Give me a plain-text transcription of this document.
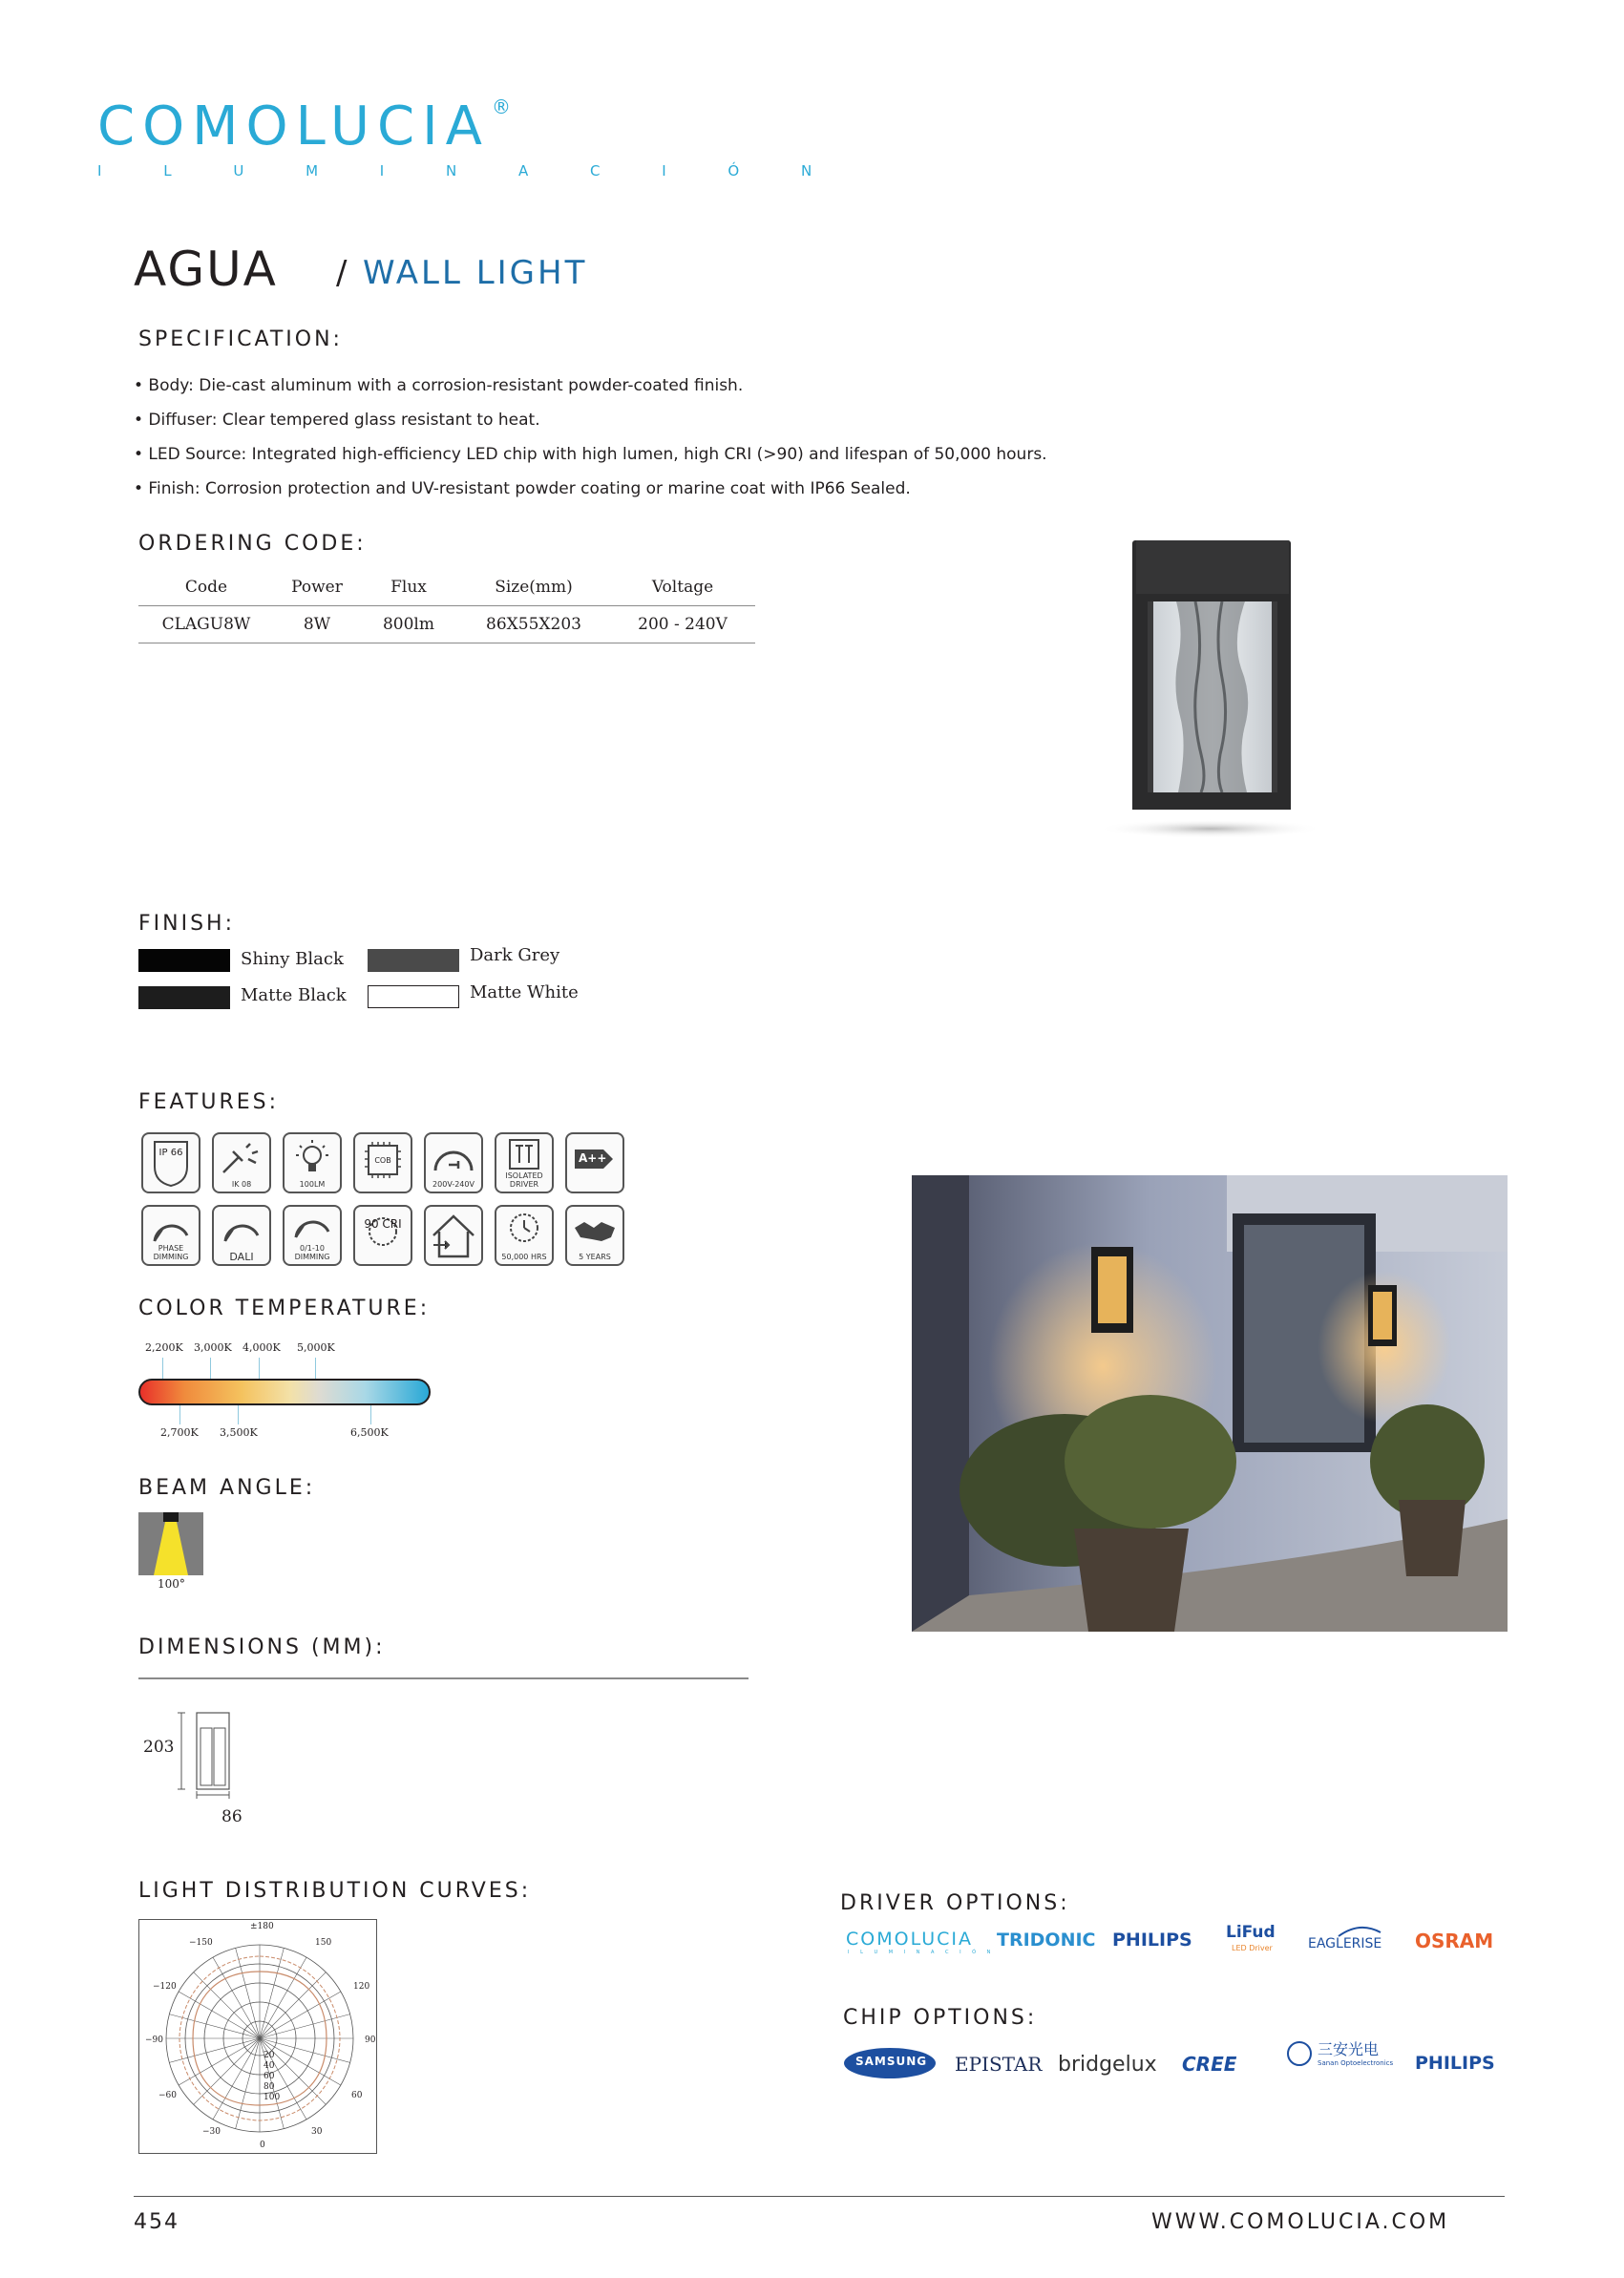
COMOLUCIA ®
I L U M I N A C I Ó N
AGUA / WALL LIGHT
SPECIFICATION:
• Body: Die-cast aluminum with a corrosion-resistant powder-coated finish.
• Diffuser: Clear tempered glass resistant to heat.
• LED Source: Integrated high-efficiency LED chip with high lumen, high CRI (>90) and lifespan of 50,000 hours.
• Finish: Corrosion protection and UV-resistant powder coating or marine coat with IP66 Sealed.
ORDERING CODE:
Code	Power	Flux	Size(mm)	Voltage
CLAGU8W	8W	800lm	86X55X203	200 - 240V
FINISH:
Shiny Black	Dark Grey
Matte Black	Matte White
FEATURES:
IP 66
IK 08	100LM
COB
200V-240V
ISOLATED DRIVER
A++
PHASE DIMMING	DALI
0/1-10 DIMMING
90 CRI
50,000 HRS	5 YEARS
COLOR TEMPERATURE:
2,200K 3,000K 4,000K 5,000K
2,700K 3,500K	6,500K
BEAM ANGLE:
100°
DIMENSIONS (MM):
203
86
LIGHT DISTRIBUTION CURVES:
±180
−150	150
−120	120
−90	90
−60	60
−30	30
0
20
40
60
80
100
DRIVER OPTIONS:
COMOLUCIA
I L U M I N A C I Ó N
TRIDONIC PHILIPS LiFud
LED Driver	EAGLERISE OSRAM
CHIP OPTIONS:
SAMSUNG EPISTAR bridgelux CREE
三安光电
Sanan Optoelectronics PHILIPS
454	WWW.COMOLUCIA.COM
